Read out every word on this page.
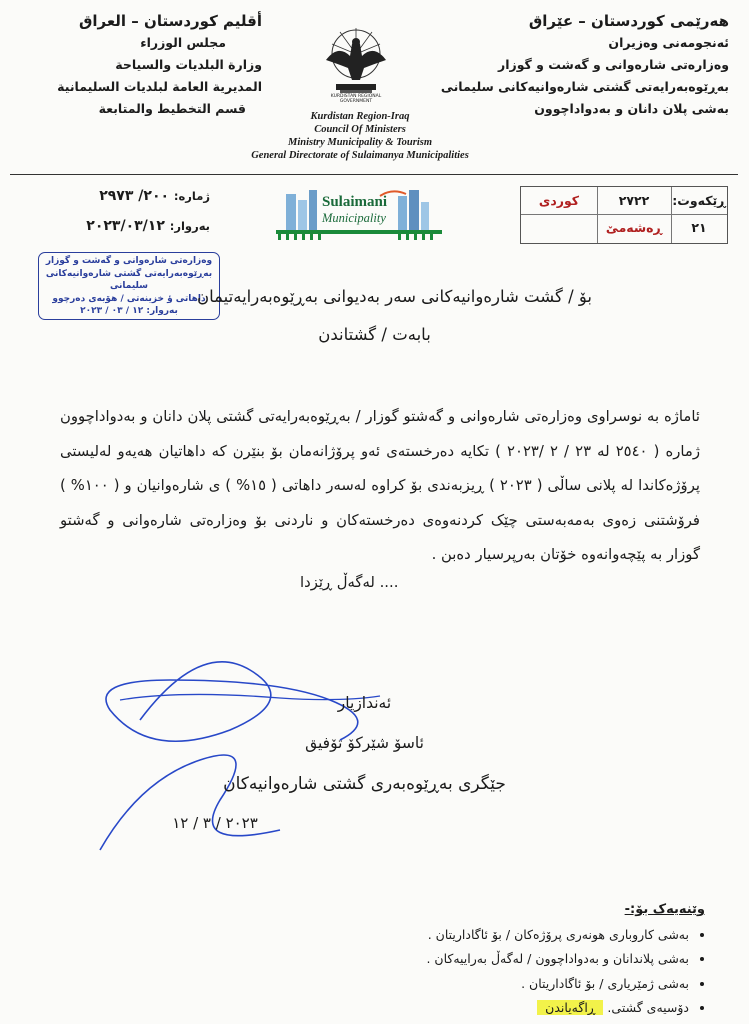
هەرێمی کوردستان – عێراق
ئەنجومەنی وەزیران
وەزارەتی شارەوانی و گەشت و گوزار
بەڕێوەبەرایەتی گشتی شارەوانیەکانی سلیمانی
بەشی پلان دانان و بەدواداچوون
أقليم كوردستان – العراق
مجلس الوزراء
وزارة البلديات والسياحة
المديرية العامة لبلديات السليمانية
قسم التخطيط والمتابعة
KURDISTAN REGIONAL GOVERNMENT
Kurdistan Region-Iraq
Council Of Ministers
Ministry Municipality & Tourism
General Directorate of Sulaimanya Municipalities
ژمارە: ٢٠٠/ ٢٩٧٣
بەروار: ٢٠٢٣/٠٣/١٢
Sulaimani
Municipality
ڕێکەوت:
٢٧٢٢
کوردی
٢١
ڕەشەمێ
وەزارەتی شارەوانی و گەشت و گوزار
بەڕێوەبەرایەتی گشتی شارەوانیەکانی سلیمانی
داهاتی ؤ خزینەتی / هۆبەی دەرچوو
بەروار: ١٢ / ٠٣ / ٢٠٢٣
بۆ / گشت شارەوانیەکانی سەر بەدیوانی بەڕێوەبەرایەتیمان
بابەت / گشتاندن
ئاماژە بە نوسراوی وەزارەتی شارەوانی و گەشتو گوزار / بەڕێوەبەرایەتی گشتی پلان دانان و بەدواداچوون ژمارە ( ٢٥٤٠ لە ٢٣ / ٢ /٢٠٢٣ ) تکایە دەرخستەی ئەو پرۆژانەمان بۆ بنێرن کە داهاتیان هەیەو لەلیستی پرۆژەکاندا لە پلانی ساڵی ( ٢٠٢٣ ) ڕیزبەندی بۆ کراوە لەسەر داهاتی ( ١٥% ) ی شارەوانیان و ( ١٠٠% ) فرۆشتنی زەوی بەمەبەستی چێک کردنەوەی دەرخستەکان و ناردنی بۆ وەزارەتی شارەوانی و گەشتو گوزار بە پێچەوانەوە خۆتان بەرپرسیار دەبن .
.... لەگەڵ ڕێزدا
ئەندازیار
ئاسۆ شێرکۆ تۆفیق
جێگری بەڕێوەبەری گشتی شارەوانیەکان
٢٠٢٣ / ٣ / ١٢
وێنەیەک بۆ:-
• بەشی کاروباری هونەری پرۆژەکان / بۆ ئاگاداریتان .
• بەشی پلاندانان و بەدواداچوون / لەگەڵ بەراییەکان .
• بەشی ژمێریاری / بۆ ئاگاداریتان .
• دۆسیەی گشتی. ڕاگەیاندن
